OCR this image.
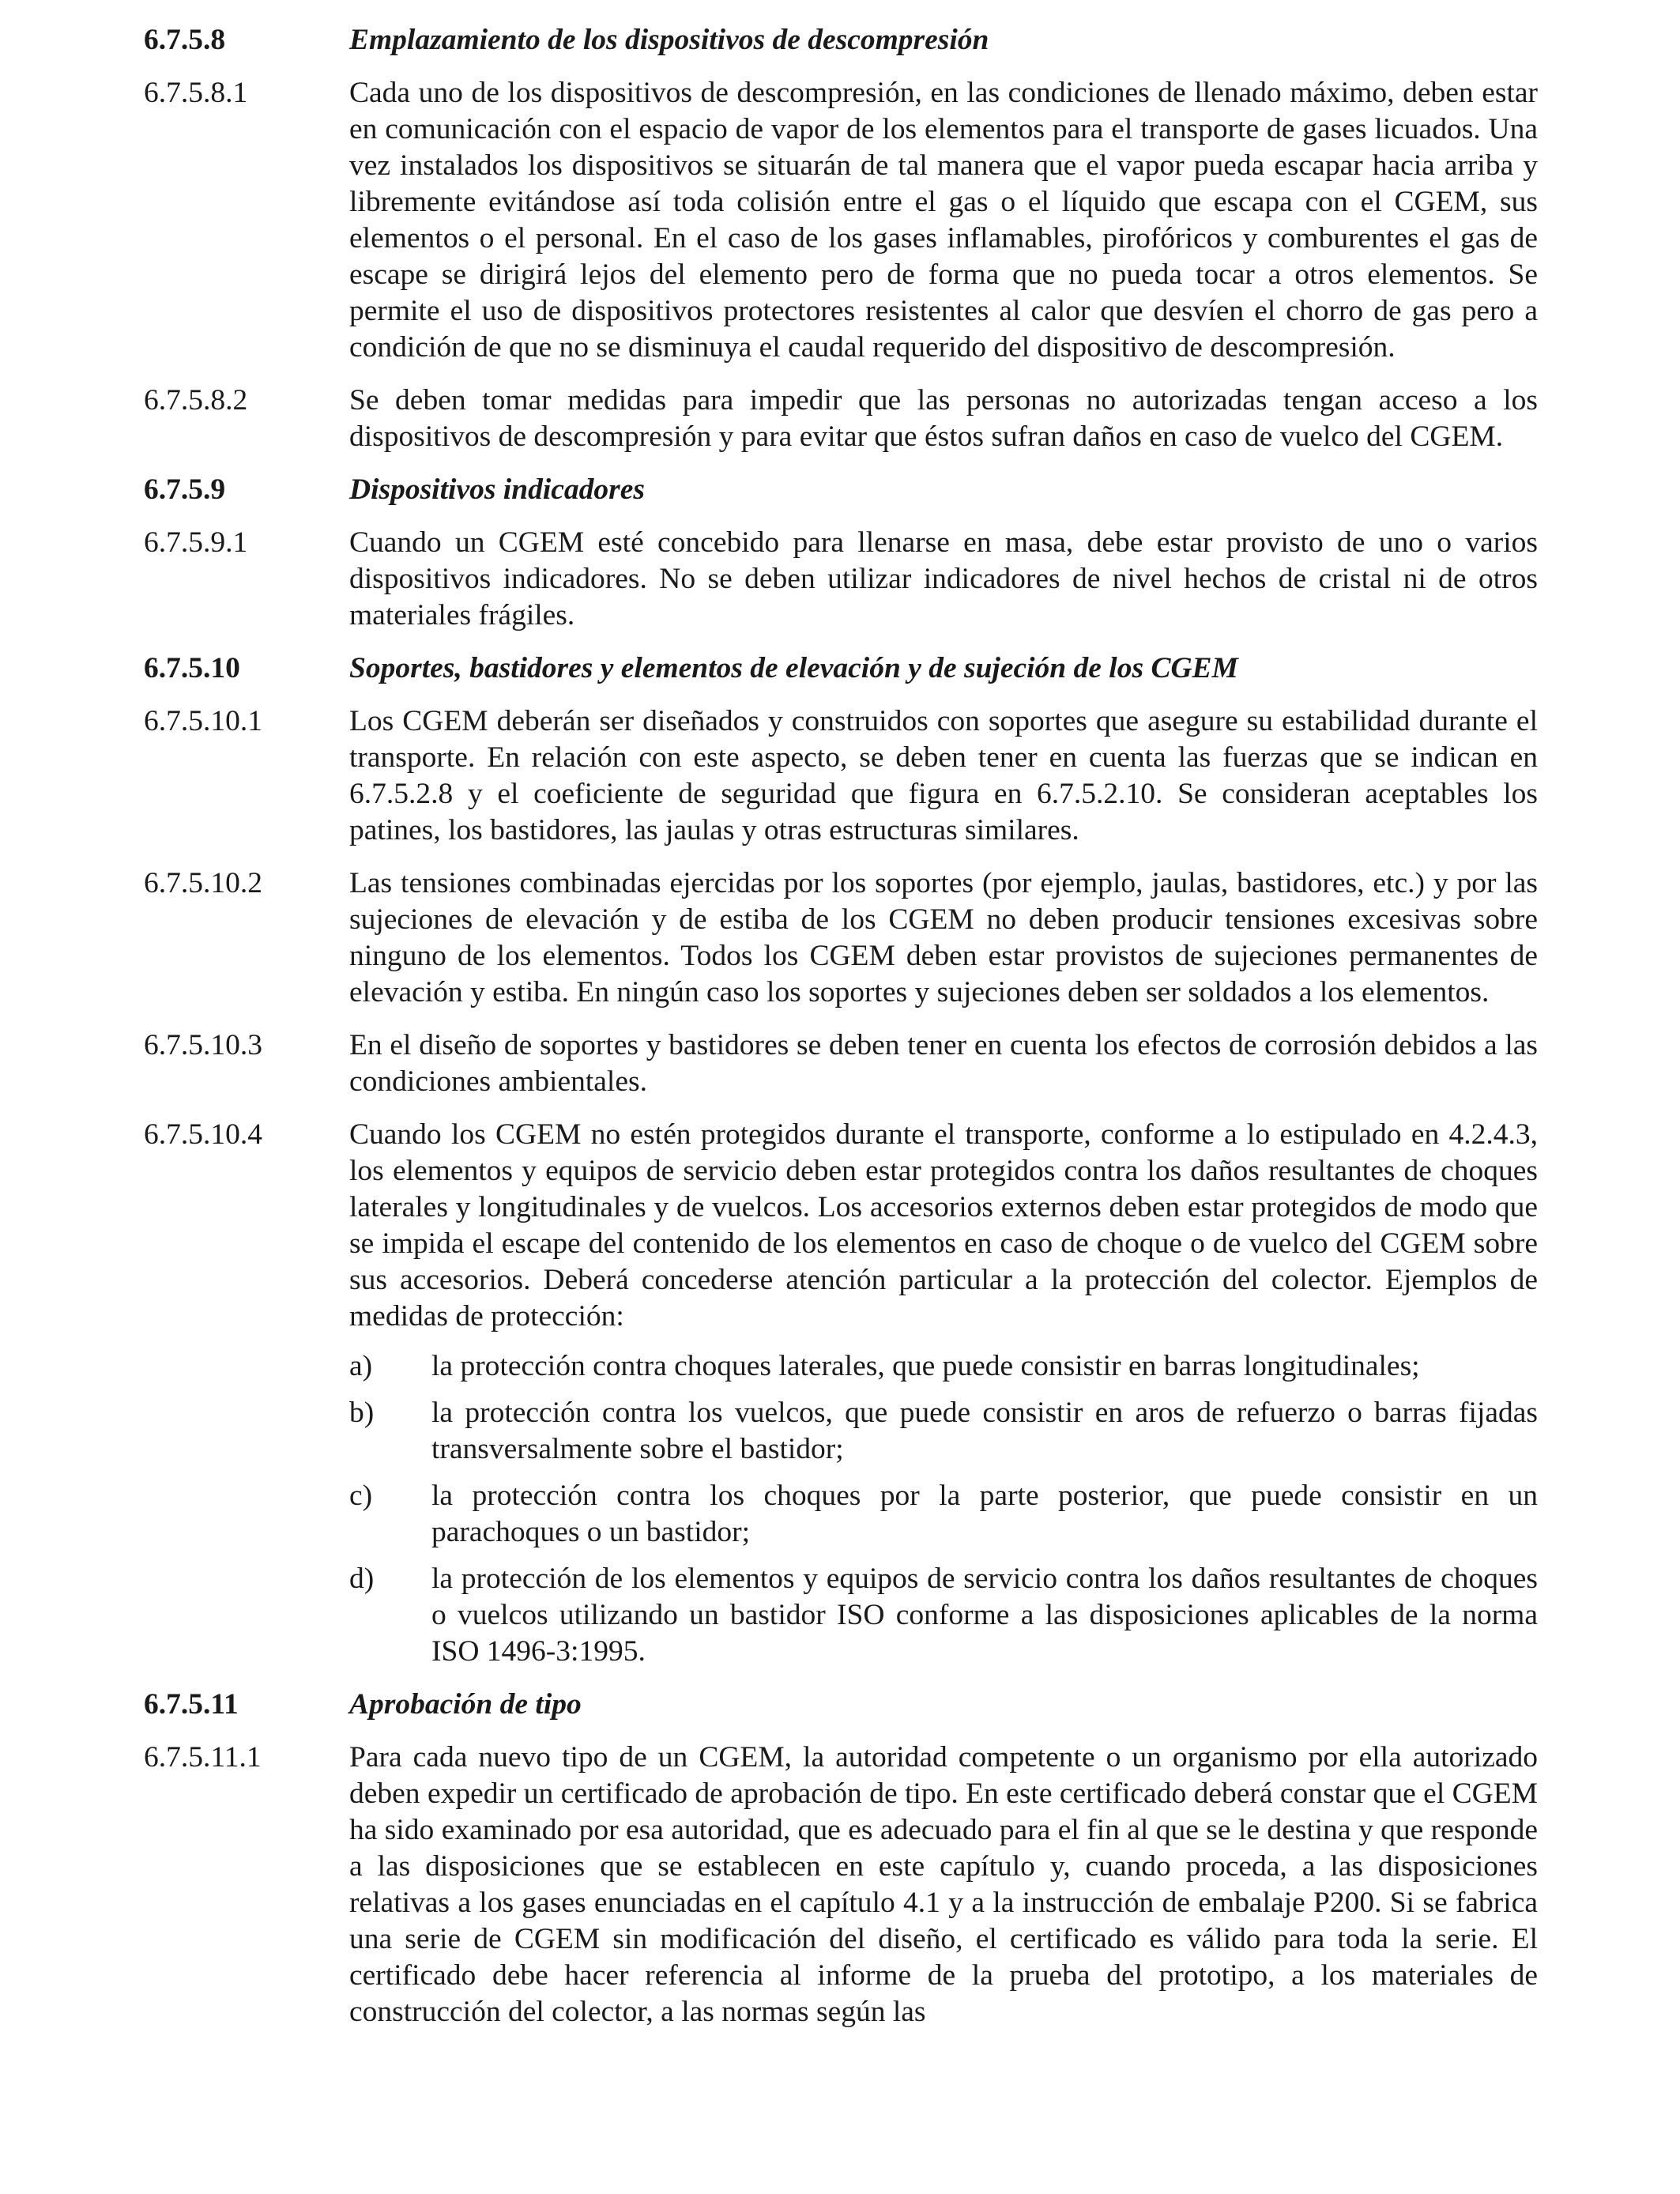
6.7.5.8	Emplazamiento de los dispositivos de descompresión
6.7.5.8.1	Cada uno de los dispositivos de descompresión, en las condiciones de llenado máximo, deben estar en comunicación con el espacio de vapor de los elementos para el transporte de gases licuados. Una vez instalados los dispositivos se situarán de tal manera que el vapor pueda escapar hacia arriba y libremente evitándose así toda colisión entre el gas o el líquido que escapa con el CGEM, sus elementos o el personal. En el caso de los gases inflamables, pirofóricos y comburentes el gas de escape se dirigirá lejos del elemento pero de forma que no pueda tocar a otros elementos. Se permite el uso de dispositivos protectores resistentes al calor que desvíen el chorro de gas pero a condición de que no se disminuya el caudal requerido del dispositivo de descompresión.

6.7.5.8.2	Se deben tomar medidas para impedir que las personas no autorizadas tengan acceso a los dispositivos de descompresión y para evitar que éstos sufran daños en caso de vuelco del CGEM.

6.7.5.9	Dispositivos indicadores
6.7.5.9.1	Cuando un CGEM esté concebido para llenarse en masa, debe estar provisto de uno o varios dispositivos indicadores. No se deben utilizar indicadores de nivel hechos de cristal ni de otros materiales frágiles.

6.7.5.10	Soportes, bastidores y elementos de elevación y de sujeción de los CGEM
6.7.5.10.1	Los CGEM deberán ser diseñados y construidos con soportes que asegure su estabilidad durante el transporte. En relación con este aspecto, se deben tener en cuenta las fuerzas que se indican en 6.7.5.2.8 y el coeficiente de seguridad que figura en 6.7.5.2.10. Se consideran aceptables los patines, los bastidores, las jaulas y otras estructuras similares.

6.7.5.10.2	Las tensiones combinadas ejercidas por los soportes (por ejemplo, jaulas, bastidores, etc.) y por las sujeciones de elevación y de estiba de los CGEM no deben producir tensiones excesivas sobre ninguno de los elementos. Todos los CGEM deben estar provistos de sujeciones permanentes de elevación y estiba. En ningún caso los soportes y sujeciones deben ser soldados a los elementos.

6.7.5.10.3	En el diseño de soportes y bastidores se deben tener en cuenta los efectos de corrosión debidos a las condiciones ambientales.

6.7.5.10.4	Cuando los CGEM no estén protegidos durante el transporte, conforme a lo estipulado en 4.2.4.3, los elementos y equipos de servicio deben estar protegidos contra los daños resultantes de choques laterales y longitudinales y de vuelcos. Los accesorios externos deben estar protegidos de modo que se impida el escape del contenido de los elementos en caso de choque o de vuelco del CGEM sobre sus accesorios. Deberá concederse atención particular a la protección del colector. Ejemplos de medidas de protección:

a)	la protección contra choques laterales, que puede consistir en barras longitudinales;
b)	la protección contra los vuelcos, que puede consistir en aros de refuerzo o barras fijadas transversalmente sobre el bastidor;
c)	la protección contra los choques por la parte posterior, que puede consistir en un parachoques o un bastidor;
d)	la protección de los elementos y equipos de servicio contra los daños resultantes de choques o vuelcos utilizando un bastidor ISO conforme a las disposiciones aplicables de la norma ISO 1496-3:1995.
6.7.5.11	Aprobación de tipo
6.7.5.11.1	Para cada nuevo tipo de un CGEM, la autoridad competente o un organismo por ella autorizado deben expedir un certificado de aprobación de tipo. En este certificado deberá constar que el CGEM ha sido examinado por esa autoridad, que es adecuado para el fin al que se le destina y que responde a las disposiciones que se establecen en este capítulo y, cuando proceda, a las disposiciones relativas a los gases enunciadas en el capítulo 4.1 y a la instrucción de embalaje P200. Si se fabrica una serie de CGEM sin modificación del diseño, el certificado es válido para toda la serie. El certificado debe hacer referencia al informe de la prueba del prototipo, a los materiales de construcción del colector, a las normas según las
